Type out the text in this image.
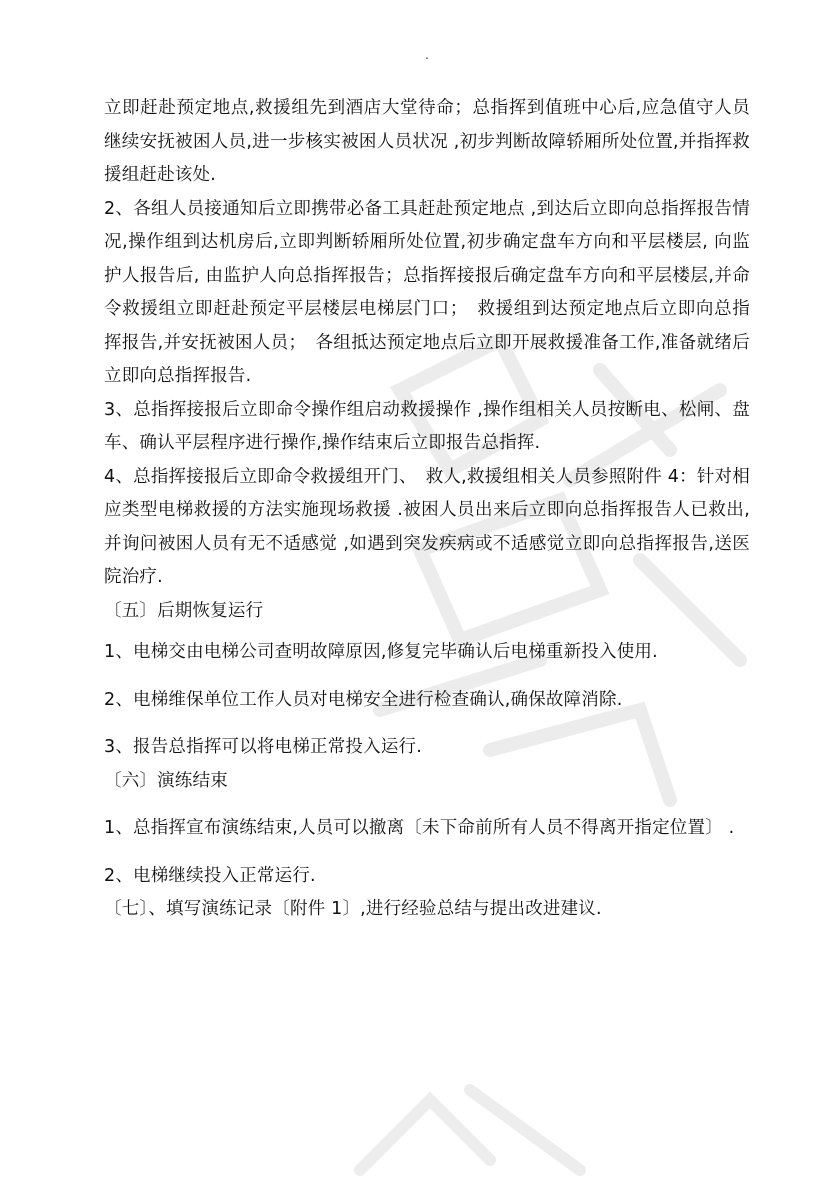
.

立即赶赴预定地点,救援组先到酒店大堂待命；总指挥到值班中心后,应急值守人员继续安抚被困人员,进一步核实被困人员状况 ,初步判断故障轿厢所处位置,并指挥救援组赶赴该处.

2、各组人员接通知后立即携带必备工具赶赴预定地点 ,到达后立即向总指挥报告情况,操作组到达机房后,立即判断轿厢所处位置,初步确定盘车方向和平层楼层, 向监护人报告后, 由监护人向总指挥报告；总指挥接报后确定盘车方向和平层楼层,并命令救援组立即赶赴预定平层楼层电梯层门口；　救援组到达预定地点后立即向总指挥报告,并安抚被困人员；　各组抵达预定地点后立即开展救援准备工作,准备就绪后立即向总指挥报告.

3、总指挥接报后立即命令操作组启动救援操作 ,操作组相关人员按断电、松闸、盘车、确认平层程序进行操作,操作结束后立即报告总指挥.

4、总指挥接报后立即命令救援组开门、　救人,救援组相关人员参照附件 4：针对相应类型电梯救援的方法实施现场救援 .被困人员出来后立即向总指挥报告人已救出,并询问被困人员有无不适感觉 ,如遇到突发疾病或不适感觉立即向总指挥报告,送医院治疗.

〔五〕后期恢复运行

1、电梯交由电梯公司查明故障原因,修复完毕确认后电梯重新投入使用.

2、电梯维保单位工作人员对电梯安全进行检查确认,确保故障消除.

3、报告总指挥可以将电梯正常投入运行.

〔六〕演练结束

1、总指挥宣布演练结束,人员可以撤离〔未下命前所有人员不得离开指定位置〕 .

2、电梯继续投入正常运行.

〔七〕、填写演练记录〔附件 1〕,进行经验总结与提出改进建议.
